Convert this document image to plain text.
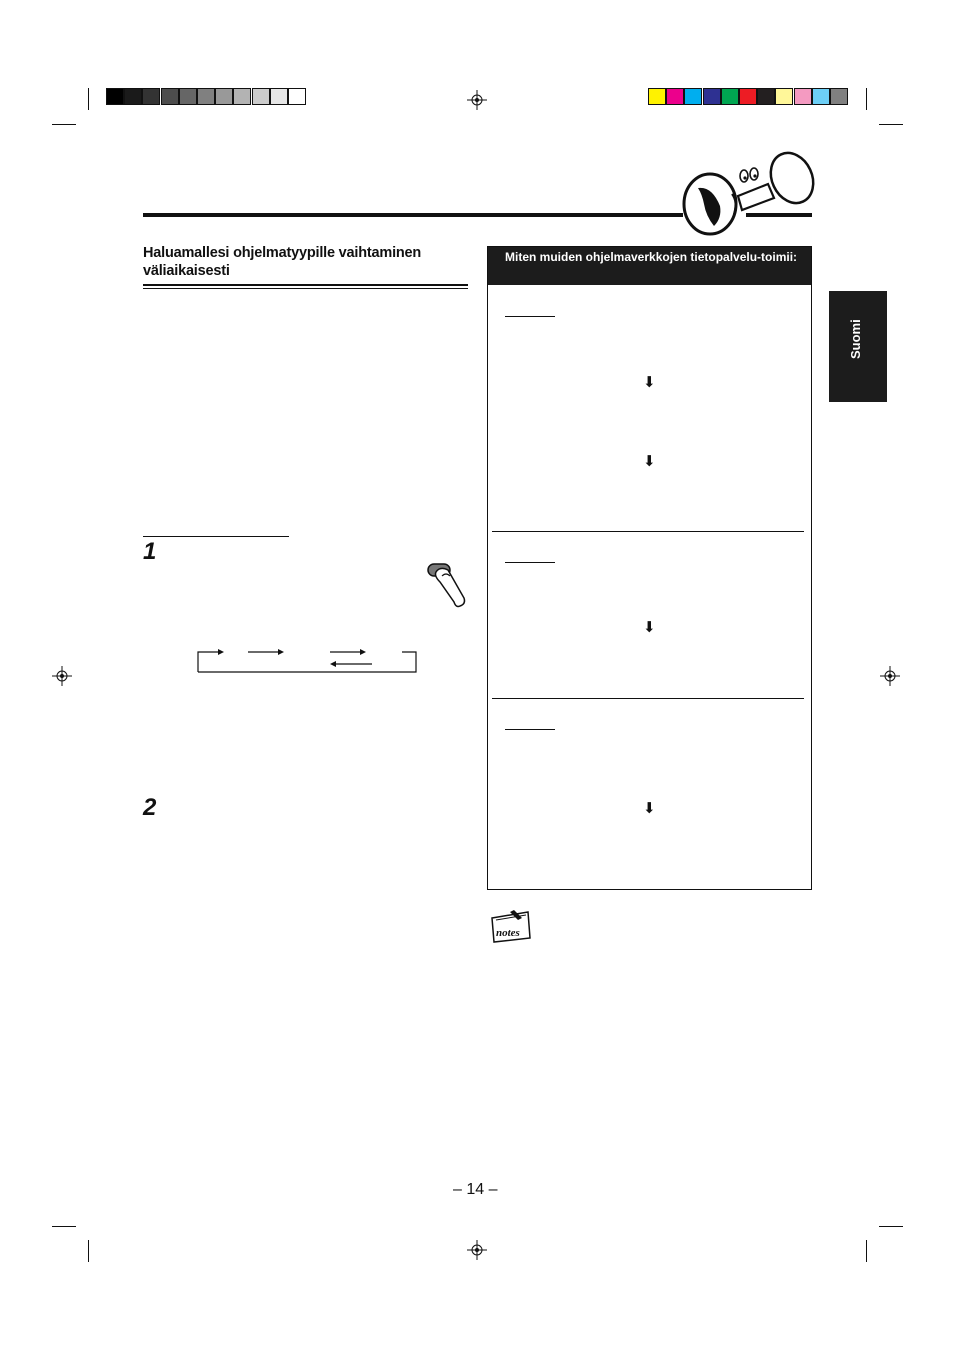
Haluamallesi ohjelmatyypille vaihtaminen väliaikaisesti
1
2
Miten muiden ohjelmaverkkojen tietopalvelu-toimii:
⬇
⬇
⬇
⬇
notes
Suomi
– 14 –
